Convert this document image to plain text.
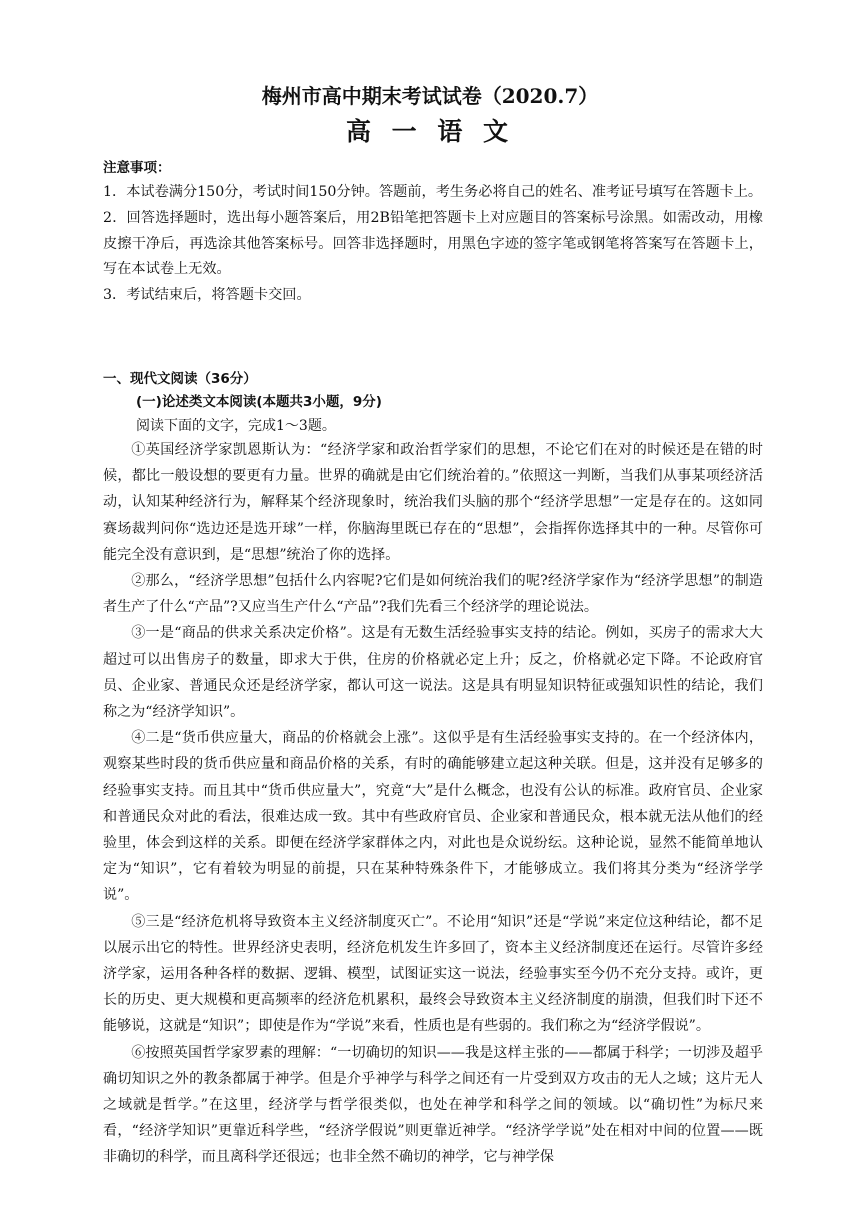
梅州市高中期末考试试卷（2020.7）
高 一 语 文
注意事项：

1．本试卷满分150分，考试时间150分钟。答题前，考生务必将自己的姓名、准考证号填写在答题卡上。

2．回答选择题时，选出每小题答案后，用2B铅笔把答题卡上对应题目的答案标号涂黑。如需改动，用橡皮擦干净后，再选涂其他答案标号。回答非选择题时，用黑色字迹的签字笔或钢笔将答案写在答题卡上，写在本试卷上无效。

3．考试结束后，将答题卡交回。

一、现代文阅读（36分）
(一)论述类文本阅读(本题共3小题，9分)
阅读下面的文字，完成1～3题。

①英国经济学家凯恩斯认为：“经济学家和政治哲学家们的思想，不论它们在对的时候还是在错的时候，都比一般设想的要更有力量。世界的确就是由它们统治着的。”依照这一判断，当我们从事某项经济活动，认知某种经济行为，解释某个经济现象时，统治我们头脑的那个“经济学思想”一定是存在的。这如同赛场裁判问你“选边还是选开球”一样，你脑海里既已存在的“思想”，会指挥你选择其中的一种。尽管你可能完全没有意识到，是“思想”统治了你的选择。

②那么，“经济学思想”包括什么内容呢?它们是如何统治我们的呢?经济学家作为“经济学思想”的制造者生产了什么“产品”?又应当生产什么“产品”?我们先看三个经济学的理论说法。

③一是“商品的供求关系决定价格”。这是有无数生活经验事实支持的结论。例如，买房子的需求大大超过可以出售房子的数量，即求大于供，住房的价格就必定上升；反之，价格就必定下降。不论政府官员、企业家、普通民众还是经济学家，都认可这一说法。这是具有明显知识特征或强知识性的结论，我们称之为“经济学知识”。

④二是“货币供应量大，商品的价格就会上涨”。这似乎是有生活经验事实支持的。在一个经济体内，观察某些时段的货币供应量和商品价格的关系，有时的确能够建立起这种关联。但是，这并没有足够多的经验事实支持。而且其中“货币供应量大”，究竟“大”是什么概念，也没有公认的标准。政府官员、企业家和普通民众对此的看法，很难达成一致。其中有些政府官员、企业家和普通民众，根本就无法从他们的经验里，体会到这样的关系。即便在经济学家群体之内，对此也是众说纷纭。这种论说，显然不能简单地认定为“知识”，它有着较为明显的前提，只在某种特殊条件下，才能够成立。我们将其分类为“经济学学说”。

⑤三是“经济危机将导致资本主义经济制度灭亡”。不论用“知识”还是“学说”来定位这种结论，都不足以展示出它的特性。世界经济史表明，经济危机发生许多回了，资本主义经济制度还在运行。尽管许多经济学家，运用各种各样的数据、逻辑、模型，试图证实这一说法，经验事实至今仍不充分支持。或许，更长的历史、更大规模和更高频率的经济危机累积，最终会导致资本主义经济制度的崩溃，但我们时下还不能够说，这就是“知识”；即使是作为“学说”来看，性质也是有些弱的。我们称之为“经济学假说”。

⑥按照英国哲学家罗素的理解：“一切确切的知识——我是这样主张的——都属于科学；一切涉及超乎确切知识之外的教条都属于神学。但是介乎神学与科学之间还有一片受到双方攻击的无人之域；这片无人之域就是哲学。”在这里，经济学与哲学很类似，也处在神学和科学之间的领域。以“确切性”为标尺来看，“经济学知识”更靠近科学些，“经济学假说”则更靠近神学。“经济学学说”处在相对中间的位置——既非确切的科学，而且离科学还很远；也非全然不确切的神学，它与神学保
